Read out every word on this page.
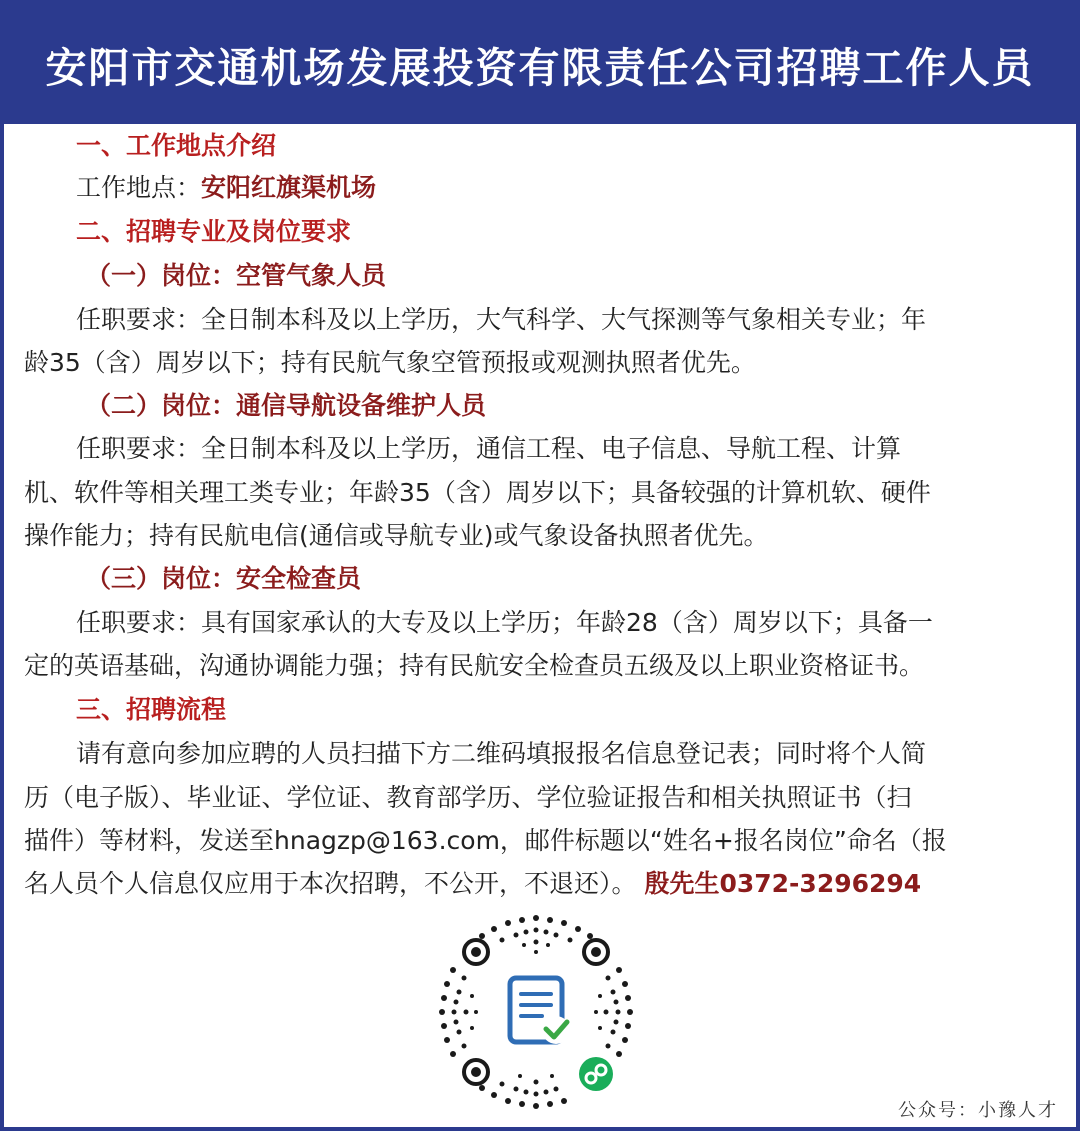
安阳市交通机场发展投资有限责任公司招聘工作人员

一、工作地点介绍

工作地点：安阳红旗渠机场

二、招聘专业及岗位要求

（一）岗位：空管气象人员

任职要求：全日制本科及以上学历，大气科学、大气探测等气象相关专业；年

龄35（含）周岁以下；持有民航气象空管预报或观测执照者优先。

（二）岗位：通信导航设备维护人员

任职要求：全日制本科及以上学历，通信工程、电子信息、导航工程、计算

机、软件等相关理工类专业；年龄35（含）周岁以下；具备较强的计算机软、硬件

操作能力；持有民航电信(通信或导航专业)或气象设备执照者优先。

（三）岗位：安全检查员

任职要求：具有国家承认的大专及以上学历；年龄28（含）周岁以下；具备一

定的英语基础，沟通协调能力强；持有民航安全检查员五级及以上职业资格证书。

三、招聘流程

请有意向参加应聘的人员扫描下方二维码填报报名信息登记表；同时将个人简

历（电子版）、毕业证、学位证、教育部学历、学位验证报告和相关执照证书（扫

描件）等材料，发送至hnagzp@163.com，邮件标题以“姓名+报名岗位”命名（报

名人员个人信息仅应用于本次招聘，不公开，不退还）。 殷先生0372-3296294

公众号：小豫人才
